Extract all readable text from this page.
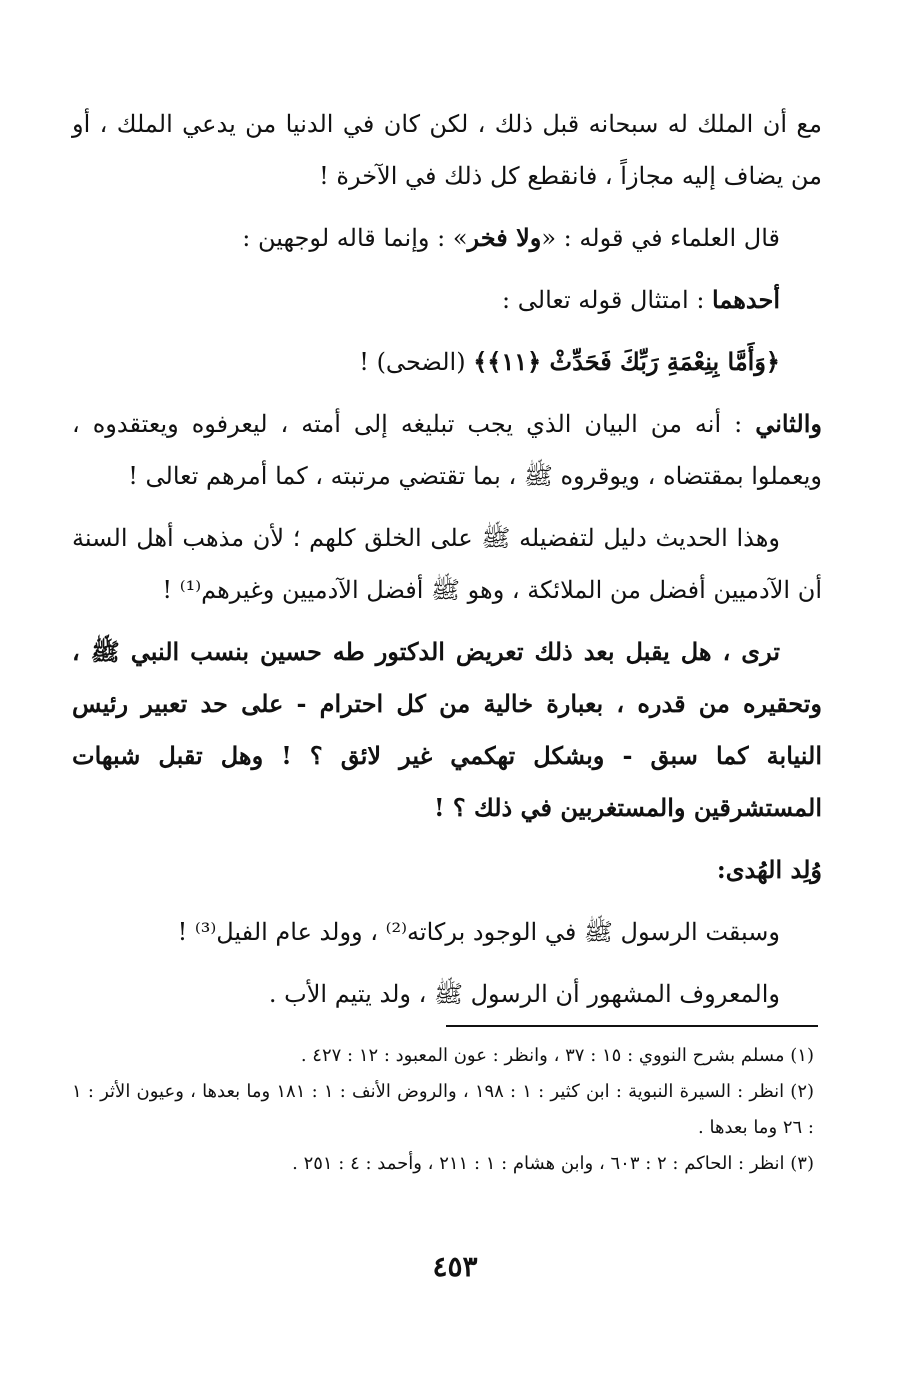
مع أن الملك له سبحانه قبل ذلك ، لكن كان في الدنيا من يدعي الملك ، أو من يضاف إليه مجازاً ، فانقطع كل ذلك في الآخرة !

قال العلماء في قوله : «ولا فخر» : وإنما قاله لوجهين :

أحدهما : امتثال قوله تعالى :

﴿وَأَمَّا بِنِعْمَةِ رَبِّكَ فَحَدِّثْ ﴿١١﴾﴾ (الضحى) !

والثاني : أنه من البيان الذي يجب تبليغه إلى أمته ، ليعرفوه ويعتقدوه ، ويعملوا بمقتضاه ، ويوقروه ﷺ ، بما تقتضي مرتبته ، كما أمرهم تعالى !

وهذا الحديث دليل لتفضيله ﷺ على الخلق كلهم ؛ لأن مذهب أهل السنة أن الآدميين أفضل من الملائكة ، وهو ﷺ أفضل الآدميين وغيرهم⁽¹⁾ !

ترى ، هل يقبل بعد ذلك تعريض الدكتور طه حسين بنسب النبي ﷺ ، وتحقيره من قدره ، بعبارة خالية من كل احترام - على حد تعبير رئيس النيابة كما سبق - وبشكل تهكمي غير لائق ؟ ! وهل تقبل شبهات المستشرقين والمستغربين في ذلك ؟ !

وُلِد الهُدى:

وسبقت الرسول ﷺ في الوجود بركاته⁽²⁾ ، وولد عام الفيل⁽³⁾ !

والمعروف المشهور أن الرسول ﷺ ، ولد يتيم الأب .

(١) مسلم بشرح النووي : ١٥ : ٣٧ ، وانظر : عون المعبود : ١٢ : ٤٢٧ .

(٢) انظر : السيرة النبوية : ابن كثير : ١ : ١٩٨ ، والروض الأنف : ١ : ١٨١ وما بعدها ، وعيون الأثر : ١ : ٢٦ وما بعدها .

(٣) انظر : الحاكم : ٢ : ٦٠٣ ، وابن هشام : ١ : ٢١١ ، وأحمد : ٤ : ٢٥١ .

٤٥٣
